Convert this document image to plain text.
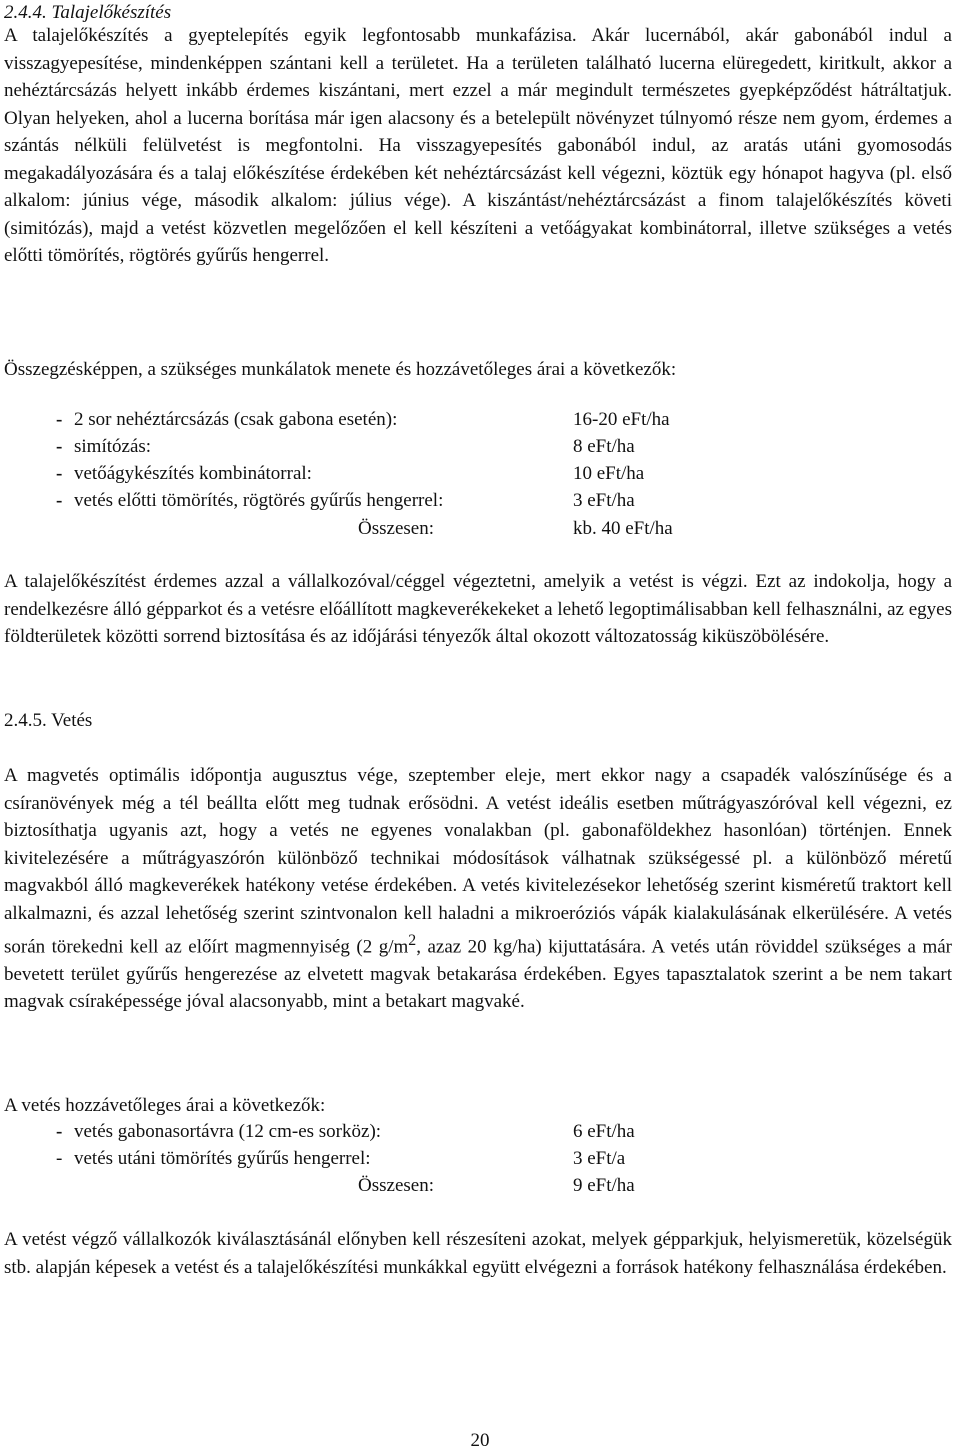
2.4.4. Talajelőkészítés

A talajelőkészítés a gyeptelepítés egyik legfontosabb munkafázisa. Akár lucernából, akár gabonából indul a visszagyepesítése, mindenképpen szántani kell a területet. Ha a területen található lucerna elüregedett, kiritkult, akkor a nehéztárcsázás helyett inkább érdemes kiszántani, mert ezzel a már megindult természetes gyepképződést hátráltatjuk. Olyan helyeken, ahol a lucerna borítása már igen alacsony és a betelepült növényzet túlnyomó része nem gyom, érdemes a szántás nélküli felülvetést is megfontolni. Ha visszagyepesítés gabonából indul, az aratás utáni gyomosodás megakadályozására és a talaj előkészítése érdekében két nehéztárcsázást kell végezni, köztük egy hónapot hagyva (pl. első alkalom: június vége, második alkalom: július vége). A kiszántást/nehéztárcsázást a finom talajelőkészítés követi (simitózás), majd a vetést közvetlen megelőzően el kell készíteni a vetőágyakat kombinátorral, illetve szükséges a vetés előtti tömörítés, rögtörés gyűrűs hengerrel.

Összegzésképpen, a szükséges munkálatok menete és hozzávetőleges árai a következők:

- 2 sor nehéztárcsázás (csak gabona esetén):	16-20 eFt/ha
- simítózás:	8 eFt/ha
- vetőágykészítés kombinátorral:	10 eFt/ha
- vetés előtti tömörítés, rögtörés gyűrűs hengerrel:	3 eFt/ha
Összesen:	kb. 40 eFt/ha

A talajelőkészítést érdemes azzal a vállalkozóval/céggel végeztetni, amelyik a vetést is végzi. Ezt az indokolja, hogy a rendelkezésre álló gépparkot és a vetésre előállított magkeverékekeket a lehető legoptimálisabban kell felhasználni, az egyes földterületek közötti sorrend biztosítása és az időjárási tényezők által okozott változatosság kiküszöbölésére.

2.4.5. Vetés

A magvetés optimális időpontja augusztus vége, szeptember eleje, mert ekkor nagy a csapadék valószínűsége és a csíranövények még a tél beállta előtt meg tudnak erősödni. A vetést ideális esetben műtrágyaszóróval kell végezni, ez biztosíthatja ugyanis azt, hogy a vetés ne egyenes vonalakban (pl. gabonaföldekhez hasonlóan) történjen. Ennek kivitelezésére a műtrágyaszórón különböző technikai módosítások válhatnak szükségessé pl. a különböző méretű magvakból álló magkeverékek hatékony vetése érdekében. A vetés kivitelezésekor lehetőség szerint kisméretű traktort kell alkalmazni, és azzal lehetőség szerint szintvonalon kell haladni a mikroeróziós vápák kialakulásának elkerülésére. A vetés során törekedni kell az előírt magmennyiség (2 $g/m^2$, azaz 20 kg/ha) kijuttatására. A vetés után röviddel szükséges a már bevetett terület gyűrűs hengerezése az elvetett magvak betakarása érdekében. Egyes tapasztalatok szerint a be nem takart magvak csíraképessége jóval alacsonyabb, mint a betakart magvaké.

A vetés hozzávetőleges árai a következők:

- vetés gabonasortávra (12 cm-es sorköz):	6 eFt/ha
- vetés utáni tömörítés gyűrűs hengerrel:	3 eFt/a
Összesen:	9 eFt/ha

A vetést végző vállalkozók kiválasztásánál előnyben kell részesíteni azokat, melyek gépparkjuk, helyismeretük, közelségük stb. alapján képesek a vetést és a talajelőkészítési munkákkal együtt elvégezni a források hatékony felhasználása érdekében.

20
